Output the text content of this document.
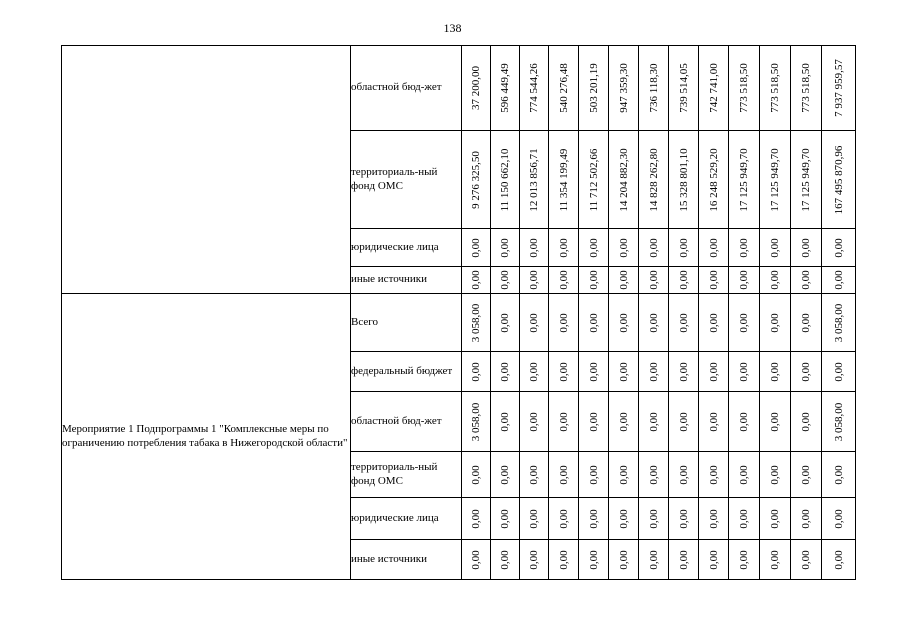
138
	областной бюд-жет	37 200,00	596 449,49	774 544,26	540 276,48	503 201,19	947 359,30	736 118,30	739 514,05	742 741,00	773 518,50	773 518,50	773 518,50	7 937 959,57

	территориаль-ный фонд ОМС	9 276 325,50	11 150 662,10	12 013 856,71	11 354 199,49	11 712 502,66	14 204 882,30	14 828 262,80	15 328 801,10	16 248 529,20	17 125 949,70	17 125 949,70	17 125 949,70	167 495 870,96

	юридические лица	0,00	0,00	0,00	0,00	0,00	0,00	0,00	0,00	0,00	0,00	0,00	0,00	0,00

	иные источники	0,00	0,00	0,00	0,00	0,00	0,00	0,00	0,00	0,00	0,00	0,00	0,00	0,00

Мероприятие 1 Подпрограммы 1 "Комплексные меры по ограничению потребления табака в Нижегородской области"	Всего	3 058,00	0,00	0,00	0,00	0,00	0,00	0,00	0,00	0,00	0,00	0,00	0,00	3 058,00

	федеральный бюджет	0,00	0,00	0,00	0,00	0,00	0,00	0,00	0,00	0,00	0,00	0,00	0,00	0,00

	областной бюд-жет	3 058,00	0,00	0,00	0,00	0,00	0,00	0,00	0,00	0,00	0,00	0,00	0,00	3 058,00

	территориаль-ный фонд ОМС	0,00	0,00	0,00	0,00	0,00	0,00	0,00	0,00	0,00	0,00	0,00	0,00	0,00

	юридические лица	0,00	0,00	0,00	0,00	0,00	0,00	0,00	0,00	0,00	0,00	0,00	0,00	0,00

	иные источники	0,00	0,00	0,00	0,00	0,00	0,00	0,00	0,00	0,00	0,00	0,00	0,00	0,00
